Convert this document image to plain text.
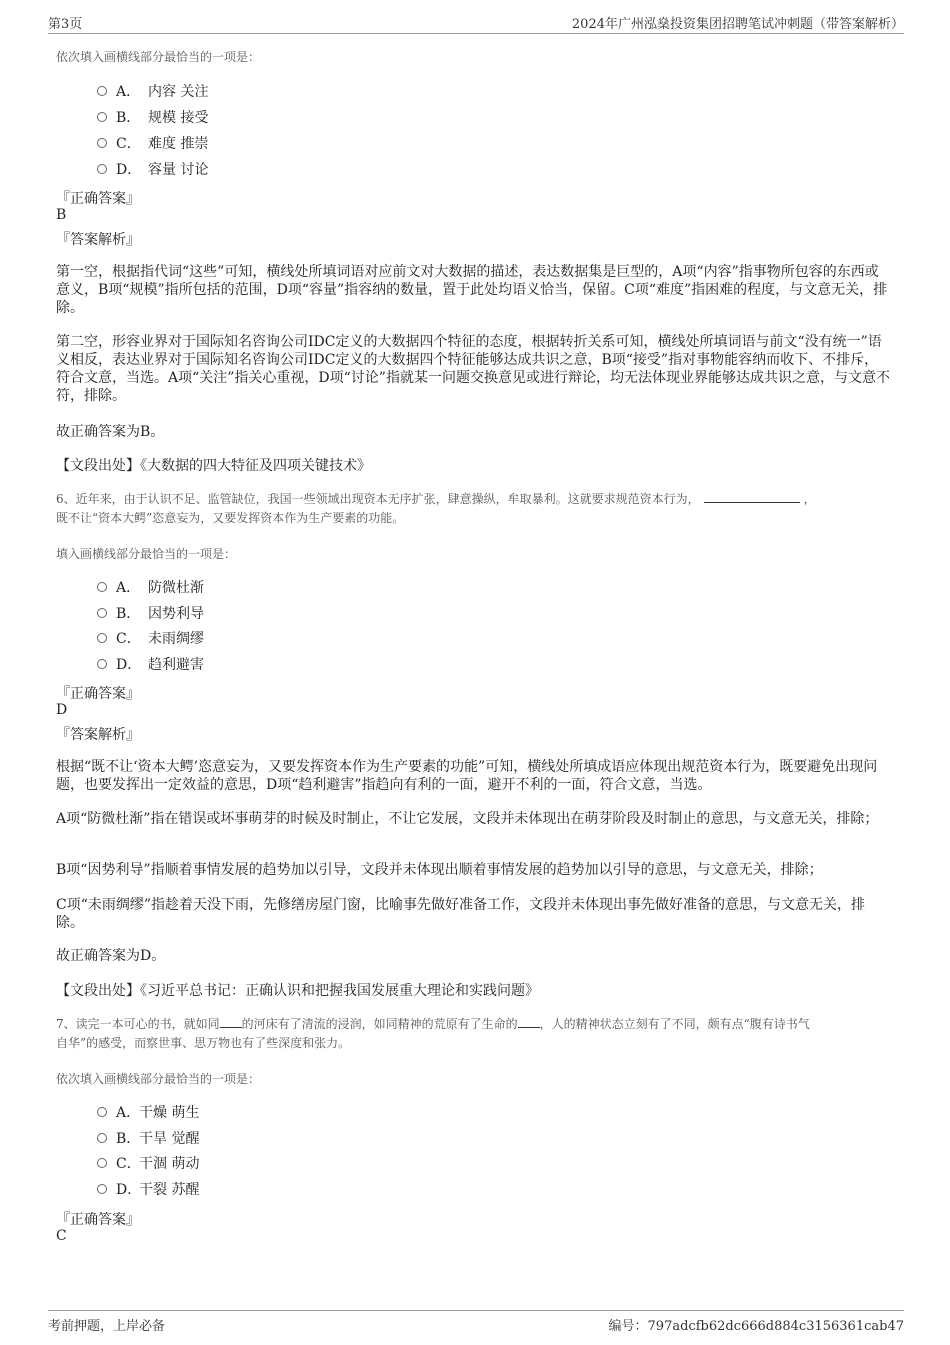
第3页	2024年广州泓燊投资集团招聘笔试冲刺题（带答案解析）
依次填入画横线部分最恰当的一项是：
A． 内容 关注
B． 规模 接受
C． 难度 推崇
D． 容量 讨论
『正确答案』
B
『答案解析』
第一空，根据指代词“这些”可知，横线处所填词语对应前文对大数据的描述，表达数据集是巨型的，A项“内容”指事物所包容的东西或意义，B项“规模”指所包括的范围，D项“容量”指容纳的数量，置于此处均语义恰当，保留。C项“难度”指困难的程度，与文意无关，排除。
第二空，形容业界对于国际知名咨询公司IDC定义的大数据四个特征的态度，根据转折关系可知，横线处所填词语与前文“没有统一”语义相反，表达业界对于国际知名咨询公司IDC定义的大数据四个特征能够达成共识之意，B项“接受”指对事物能容纳而收下、不排斥，符合文意，当选。A项“关注”指关心重视，D项“讨论”指就某一问题交换意见或进行辩论，均无法体现业界能够达成共识之意，与文意不符，排除。
故正确答案为B。
【文段出处】《大数据的四大特征及四项关键技术》
6、近年来，由于认识不足、监管缺位，我国一些领域出现资本无序扩张，肆意操纵，牟取暴利。这就要求规范资本行为，	，
既不让“资本大鳄”恣意妄为，又要发挥资本作为生产要素的功能。
填入画横线部分最恰当的一项是：
A． 防微杜渐
B． 因势利导
C． 未雨绸缪
D． 趋利避害
『正确答案』
D
『答案解析』
根据“既不让‘资本大鳄’恣意妄为，又要发挥资本作为生产要素的功能”可知，横线处所填成语应体现出规范资本行为，既要避免出现问题，也要发挥出一定效益的意思，D项“趋利避害”指趋向有利的一面，避开不利的一面，符合文意，当选。
A项“防微杜渐”指在错误或坏事萌芽的时候及时制止，不让它发展，文段并未体现出在萌芽阶段及时制止的意思，与文意无关，排除；
B项“因势利导”指顺着事情发展的趋势加以引导，文段并未体现出顺着事情发展的趋势加以引导的意思，与文意无关，排除；
C项“未雨绸缪”指趁着天没下雨，先修缮房屋门窗，比喻事先做好准备工作，文段并未体现出事先做好准备的意思，与文意无关，排除。
故正确答案为D。
【文段出处】《习近平总书记：正确认识和把握我国发展重大理论和实践问题》
7、读完一本可心的书，就如同 的河床有了清流的浸润，如同精神的荒原有了生命的 ，人的精神状态立刻有了不同，颇有点“腹有诗书气
自华”的感受，而察世事、思万物也有了些深度和张力。
依次填入画横线部分最恰当的一项是：
A．干燥 萌生
B．干旱 觉醒
C．干涸 萌动
D．干裂 苏醒
『正确答案』
C
考前押题，上岸必备	编号：797adcfb62dc666d884c3156361cab47
